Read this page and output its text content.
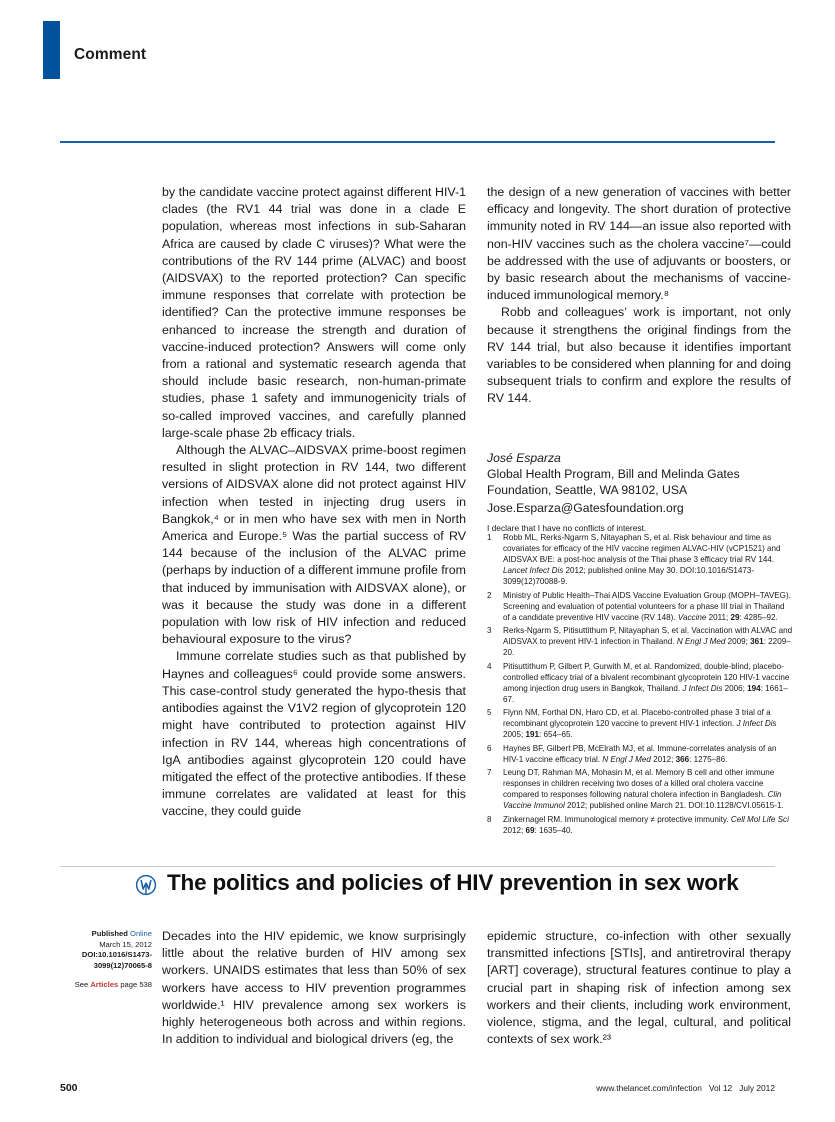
Comment

by the candidate vaccine protect against different HIV-1 clades (the RV1 44 trial was done in a clade E population, whereas most infections in sub-Saharan Africa are caused by clade C viruses)? What were the contributions of the RV 144 prime (ALVAC) and boost (AIDSVAX) to the reported protection? Can specific immune responses that correlate with protection be identified? Can the protective immune responses be enhanced to increase the strength and duration of vaccine-induced protection? Answers will come only from a rational and systematic research agenda that should include basic research, non-human-primate studies, phase 1 safety and immunogenicity trials of so-called improved vaccines, and carefully planned large-scale phase 2b efficacy trials.

Although the ALVAC–AIDSVAX prime-boost regimen resulted in slight protection in RV 144, two different versions of AIDSVAX alone did not protect against HIV infection when tested in injecting drug users in Bangkok,⁴ or in men who have sex with men in North America and Europe.⁵ Was the partial success of RV 144 because of the inclusion of the ALVAC prime (perhaps by induction of a different immune profile from that induced by immunisation with AIDSVAX alone), or was it because the study was done in a different population with low risk of HIV infection and reduced behavioural exposure to the virus?

Immune correlate studies such as that published by Haynes and colleagues⁶ could provide some answers. This case-control study generated the hypo-thesis that antibodies against the V1V2 region of glycoprotein 120 might have contributed to protection against HIV infection in RV 144, whereas high concentrations of IgA antibodies against glycoprotein 120 could have mitigated the effect of the protective antibodies. If these immune correlates are validated at least for this vaccine, they could guide

the design of a new generation of vaccines with better efficacy and longevity. The short duration of protective immunity noted in RV 144—an issue also reported with non-HIV vaccines such as the cholera vaccine⁷—could be addressed with the use of adjuvants or boosters, or by basic research about the mechanisms of vaccine-induced immunological memory.⁸

Robb and colleagues’ work is important, not only because it strengthens the original findings from the RV 144 trial, but also because it identifies important variables to be considered when planning for and doing subsequent trials to confirm and explore the results of RV 144.

José Esparza
Global Health Program, Bill and Melinda Gates Foundation, Seattle, WA 98102, USA
Jose.Esparza@Gatesfoundation.org
I declare that I have no conflicts of interest.
1	Robb ML, Rerks-Ngarm S, Nitayaphan S, et al. Risk behaviour and time as covariates for efficacy of the HIV vaccine regimen ALVAC-HIV (vCP1521) and AIDSVAX B/E: a post-hoc analysis of the Thai phase 3 efficacy trial RV 144. Lancet Infect Dis 2012; published online May 30. DOI:10.1016/S1473-3099(12)70088-9.
2	Ministry of Public Health–Thai AIDS Vaccine Evaluation Group (MOPH–TAVEG). Screening and evaluation of potential volunteers for a phase III trial in Thailand of a candidate preventive HIV vaccine (RV 148). Vaccine 2011; 29: 4285–92.
3	Rerks-Ngarm S, Pitisuttithum P, Nitayaphan S, et al. Vaccination with ALVAC and AIDSVAX to prevent HIV-1 infection in Thailand. N Engl J Med 2009; 361: 2209–20.
4	Pitisuttithum P, Gilbert P, Gurwith M, et al. Randomized, double-blind, placebo-controlled efficacy trial of a bivalent recombinant glycoprotein 120 HIV-1 vaccine among injection drug users in Bangkok, Thailand. J Infect Dis 2006; 194: 1661–67.
5	Flynn NM, Forthal DN, Haro CD, et al. Placebo-controlled phase 3 trial of a recombinant glycoprotein 120 vaccine to prevent HIV-1 infection. J Infect Dis 2005; 191: 654–65.
6	Haynes BF, Gilbert PB, McElrath MJ, et al. Immune-correlates analysis of an HIV-1 vaccine efficacy trial. N Engl J Med 2012; 366: 1275–86.
7	Leung DT, Rahman MA, Mohasin M, et al. Memory B cell and other immune responses in children receiving two doses of a killed oral cholera vaccine compared to responses following natural cholera infection in Bangladesh. Clin Vaccine Immunol 2012; published online March 21. DOI:10.1128/CVI.05615-1.
8	Zinkernagel RM. Immunological memory ≠ protective immunity. Cell Mol Life Sci 2012; 69: 1635–40.
The politics and policies of HIV prevention in sex work
Published Online
March 15, 2012
DOI:10.1016/S1473-
3099(12)70065-8
See Articles page 538

Decades into the HIV epidemic, we know surprisingly little about the relative burden of HIV among sex workers. UNAIDS estimates that less than 50% of sex workers have access to HIV prevention programmes worldwide.¹ HIV prevalence among sex workers is highly heterogeneous both across and within regions. In addition to individual and biological drivers (eg, the

epidemic structure, co-infection with other sexually transmitted infections [STIs], and antiretroviral therapy [ART] coverage), structural features continue to play a crucial part in shaping risk of infection among sex workers and their clients, including work environment, violence, stigma, and the legal, cultural, and political contexts of sex work.²³

500	www.thelancet.com/infection   Vol 12   July 2012
